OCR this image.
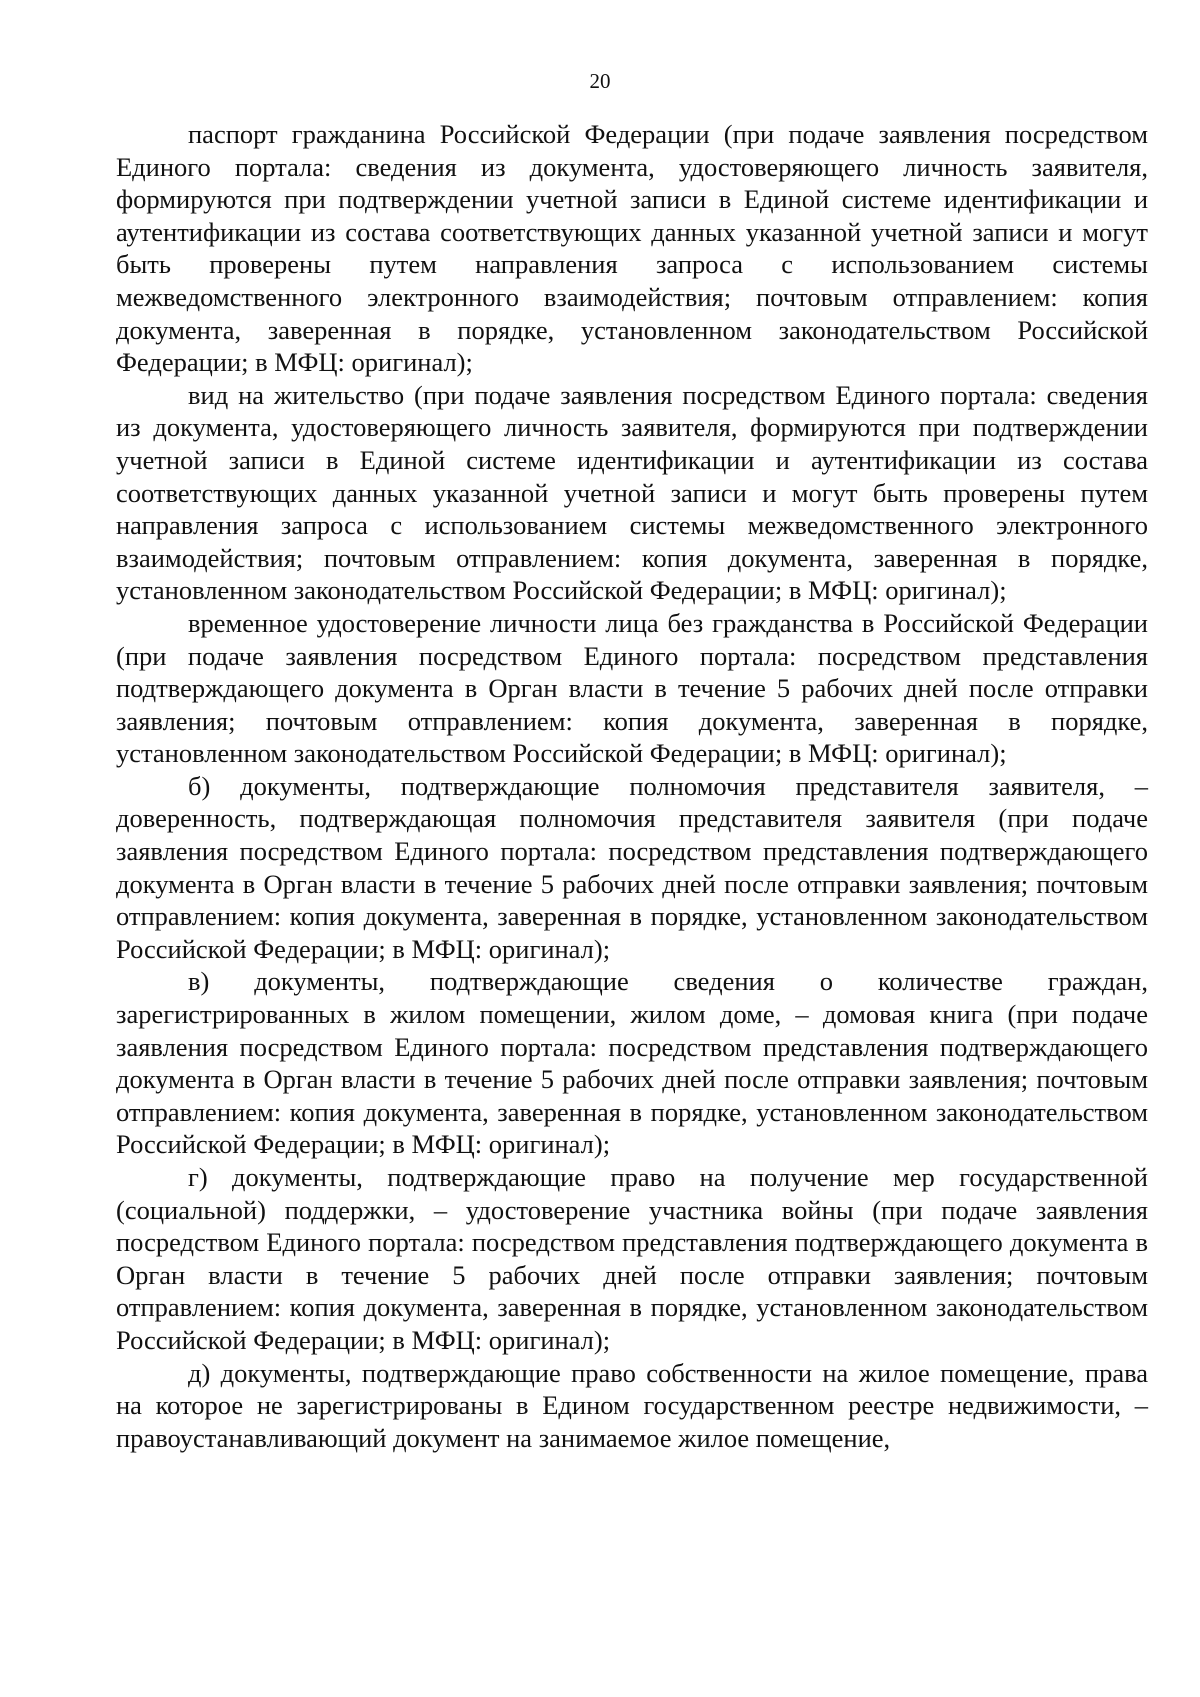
20

паспорт гражданина Российской Федерации (при подаче заявления посредством Единого портала: сведения из документа, удостоверяющего личность заявителя, формируются при подтверждении учетной записи в Единой системе идентификации и аутентификации из состава соответствующих данных указанной учетной записи и могут быть проверены путем направления запроса с использованием системы межведомственного электронного взаимодействия; почтовым отправлением: копия документа, заверенная в порядке, установленном законодательством Российской Федерации; в МФЦ: оригинал);

вид на жительство (при подаче заявления посредством Единого портала: сведения из документа, удостоверяющего личность заявителя, формируются при подтверждении учетной записи в Единой системе идентификации и аутентификации из состава соответствующих данных указанной учетной записи и могут быть проверены путем направления запроса с использованием системы межведомственного электронного взаимодействия; почтовым отправлением: копия документа, заверенная в порядке, установленном законодательством Российской Федерации; в МФЦ: оригинал);

временное удостоверение личности лица без гражданства в Российской Федерации (при подаче заявления посредством Единого портала: посредством представления подтверждающего документа в Орган власти в течение 5 рабочих дней после отправки заявления; почтовым отправлением: копия документа, заверенная в порядке, установленном законодательством Российской Федерации; в МФЦ: оригинал);

б) документы, подтверждающие полномочия представителя заявителя, – доверенность, подтверждающая полномочия представителя заявителя (при подаче заявления посредством Единого портала: посредством представления подтверждающего документа в Орган власти в течение 5 рабочих дней после отправки заявления; почтовым отправлением: копия документа, заверенная в порядке, установленном законодательством Российской Федерации; в МФЦ: оригинал);

в) документы, подтверждающие сведения о количестве граждан, зарегистрированных в жилом помещении, жилом доме, – домовая книга (при подаче заявления посредством Единого портала: посредством представления подтверждающего документа в Орган власти в течение 5 рабочих дней после отправки заявления; почтовым отправлением: копия документа, заверенная в порядке, установленном законодательством Российской Федерации; в МФЦ: оригинал);

г) документы, подтверждающие право на получение мер государственной (социальной) поддержки, – удостоверение участника войны (при подаче заявления посредством Единого портала: посредством представления подтверждающего документа в Орган власти в течение 5 рабочих дней после отправки заявления; почтовым отправлением: копия документа, заверенная в порядке, установленном законодательством Российской Федерации; в МФЦ: оригинал);

д) документы, подтверждающие право собственности на жилое помещение, права на которое не зарегистрированы в Едином государственном реестре недвижимости, – правоустанавливающий документ на занимаемое жилое помещение,
